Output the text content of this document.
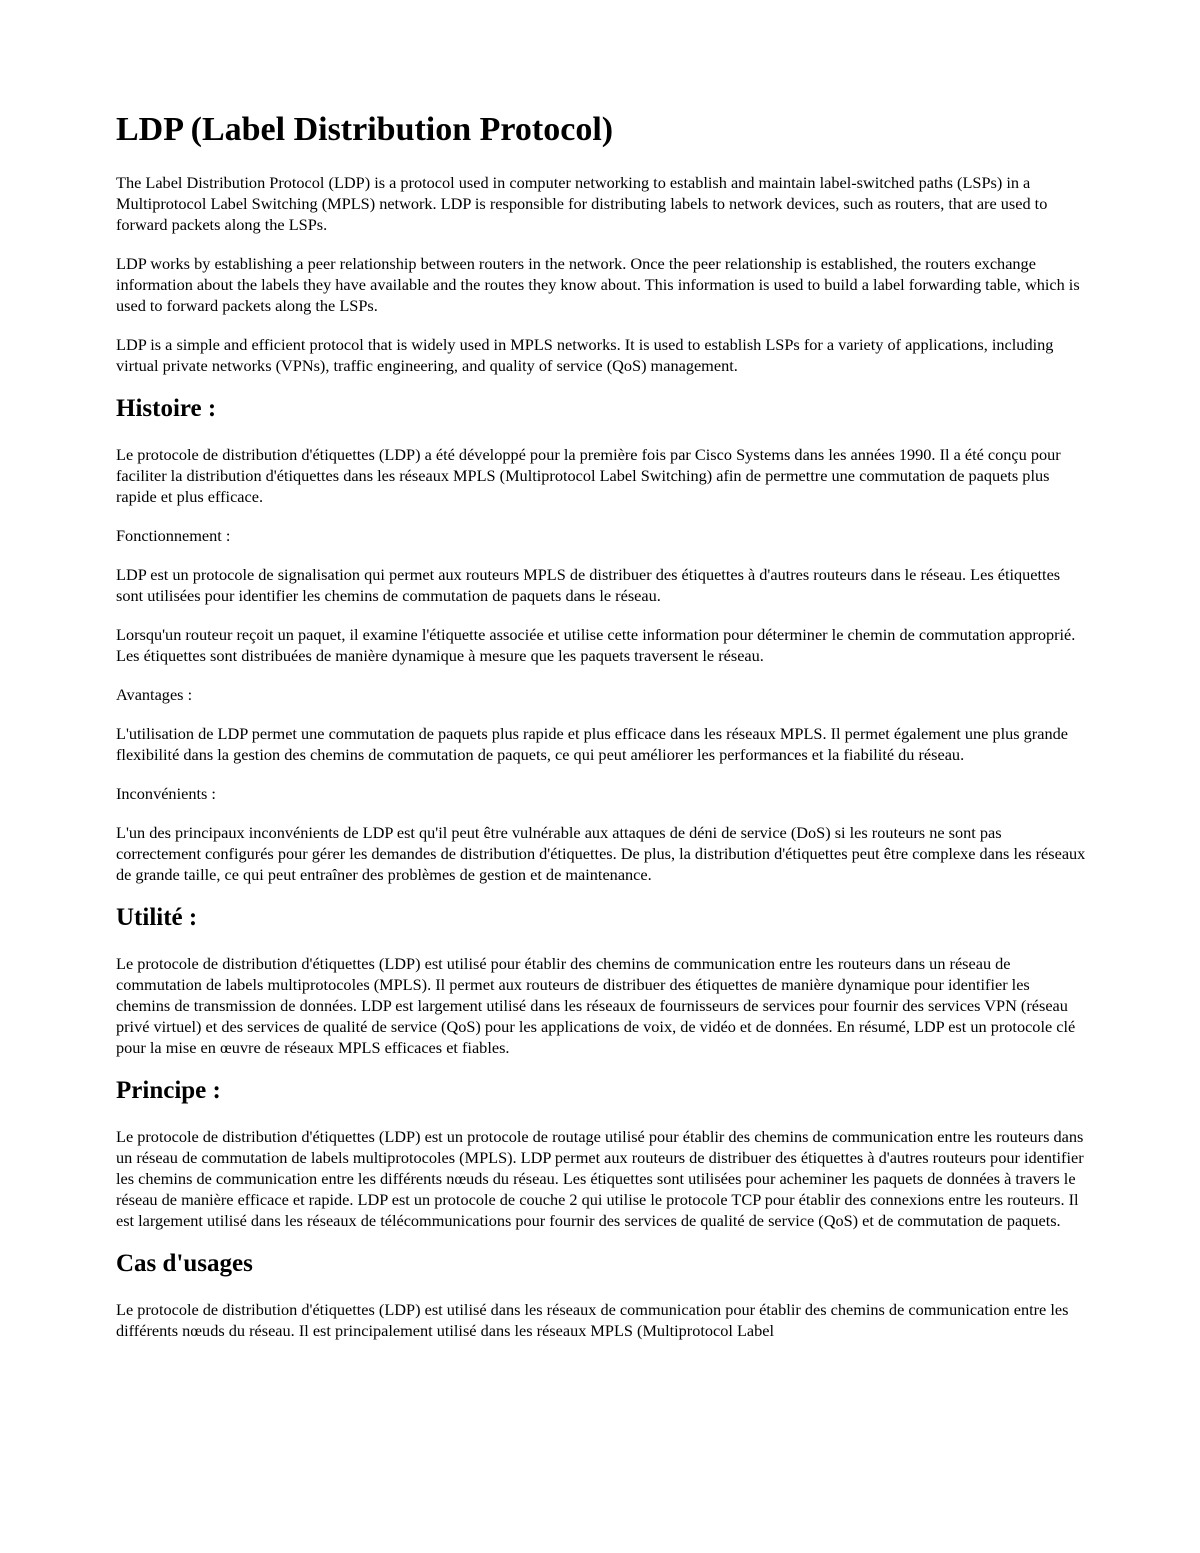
LDP (Label Distribution Protocol)

The Label Distribution Protocol (LDP) is a protocol used in computer networking to establish and maintain label-switched paths (LSPs) in a Multiprotocol Label Switching (MPLS) network. LDP is responsible for distributing labels to network devices, such as routers, that are used to forward packets along the LSPs.

LDP works by establishing a peer relationship between routers in the network. Once the peer relationship is established, the routers exchange information about the labels they have available and the routes they know about. This information is used to build a label forwarding table, which is used to forward packets along the LSPs.

LDP is a simple and efficient protocol that is widely used in MPLS networks. It is used to establish LSPs for a variety of applications, including virtual private networks (VPNs), traffic engineering, and quality of service (QoS) management.

Histoire :

Le protocole de distribution d'étiquettes (LDP) a été développé pour la première fois par Cisco Systems dans les années 1990. Il a été conçu pour faciliter la distribution d'étiquettes dans les réseaux MPLS (Multiprotocol Label Switching) afin de permettre une commutation de paquets plus rapide et plus efficace.

Fonctionnement :

LDP est un protocole de signalisation qui permet aux routeurs MPLS de distribuer des étiquettes à d'autres routeurs dans le réseau. Les étiquettes sont utilisées pour identifier les chemins de commutation de paquets dans le réseau.

Lorsqu'un routeur reçoit un paquet, il examine l'étiquette associée et utilise cette information pour déterminer le chemin de commutation approprié. Les étiquettes sont distribuées de manière dynamique à mesure que les paquets traversent le réseau.

Avantages :

L'utilisation de LDP permet une commutation de paquets plus rapide et plus efficace dans les réseaux MPLS. Il permet également une plus grande flexibilité dans la gestion des chemins de commutation de paquets, ce qui peut améliorer les performances et la fiabilité du réseau.

Inconvénients :

L'un des principaux inconvénients de LDP est qu'il peut être vulnérable aux attaques de déni de service (DoS) si les routeurs ne sont pas correctement configurés pour gérer les demandes de distribution d'étiquettes. De plus, la distribution d'étiquettes peut être complexe dans les réseaux de grande taille, ce qui peut entraîner des problèmes de gestion et de maintenance.

Utilité :

Le protocole de distribution d'étiquettes (LDP) est utilisé pour établir des chemins de communication entre les routeurs dans un réseau de commutation de labels multiprotocoles (MPLS). Il permet aux routeurs de distribuer des étiquettes de manière dynamique pour identifier les chemins de transmission de données. LDP est largement utilisé dans les réseaux de fournisseurs de services pour fournir des services VPN (réseau privé virtuel) et des services de qualité de service (QoS) pour les applications de voix, de vidéo et de données. En résumé, LDP est un protocole clé pour la mise en œuvre de réseaux MPLS efficaces et fiables.

Principe :

Le protocole de distribution d'étiquettes (LDP) est un protocole de routage utilisé pour établir des chemins de communication entre les routeurs dans un réseau de commutation de labels multiprotocoles (MPLS). LDP permet aux routeurs de distribuer des étiquettes à d'autres routeurs pour identifier les chemins de communication entre les différents nœuds du réseau. Les étiquettes sont utilisées pour acheminer les paquets de données à travers le réseau de manière efficace et rapide. LDP est un protocole de couche 2 qui utilise le protocole TCP pour établir des connexions entre les routeurs. Il est largement utilisé dans les réseaux de télécommunications pour fournir des services de qualité de service (QoS) et de commutation de paquets.

Cas d'usages

Le protocole de distribution d'étiquettes (LDP) est utilisé dans les réseaux de communication pour établir des chemins de communication entre les différents nœuds du réseau. Il est principalement utilisé dans les réseaux MPLS (Multiprotocol Label
